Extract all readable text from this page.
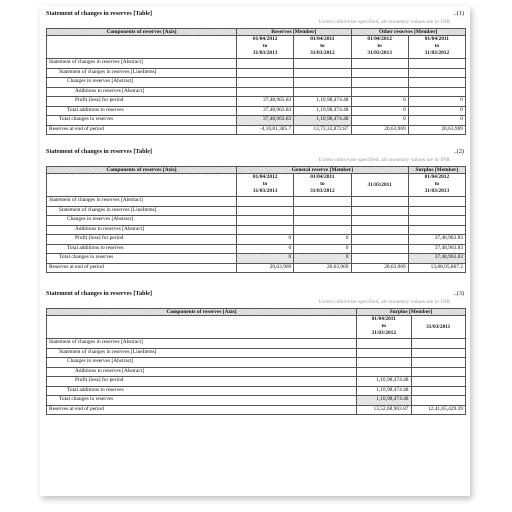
Statement of changes in reserves [Table]	..(1)
Unless otherwise specified, all monetary values are in INR
Components of reserves [Axis]	Reserves [Member]		Other reserves [Member]	

	01/04/2012
to
31/03/2013	01/04/2011
to
31/03/2012	01/04/2012
to
31/03/2013	01/04/2011
to
31/03/2012

Statement of changes in reserves [Abstract]				
Statement of changes in reserves [LineItems]				
Changes in reserves [Abstract]				
Additions to reserves [Abstract]				
Profit (loss) for period	37,48,963.83	1,10,98,474.48	0	0
Total additions to reserves	37,48,963.83	1,10,98,474.48	0	0
Total changes in reserves	37,48,963.83	1,10,98,474.48	0	0
Reserves at end of period	-4,10,81,385.7	13,73,32,872.87	20,63,969	20,63,969
Statement of changes in reserves [Table]	..(2)
Unless otherwise specified, all monetary values are in INR
Components of reserves [Axis]	General reserve [Member]			Surplus [Member]

	01/04/2012
to
31/03/2013	01/04/2011
to
31/03/2012	31/03/2011	01/04/2012
to
31/03/2013

Statement of changes in reserves [Abstract]				
Statement of changes in reserves [LineItems]				
Changes in reserves [Abstract]				
Additions to reserves [Abstract]				
Profit (loss) for period	0	0		37,48,963.83
Total additions to reserves	0	0		37,48,963.83
Total changes in reserves	0	0		37,48,963.83
Reserves at end of period	20,63,969	20,63,969	20,63,969	13,88,95,867.2
Statement of changes in reserves [Table]	..(3)
Unless otherwise specified, all monetary values are in INR
Components of reserves [Axis]	Surplus [Member]	

	01/04/2011
to
31/03/2012	31/03/2011

Statement of changes in reserves [Abstract]		
Statement of changes in reserves [LineItems]		
Changes in reserves [Abstract]		
Additions to reserves [Abstract]		
Profit (loss) for period	1,10,98,474.48	
Total additions to reserves	1,10,98,474.48	
Total changes in reserves	1,10,98,474.48	
Reserves at end of period	13,52,68,903.87	12,41,65,429.39
